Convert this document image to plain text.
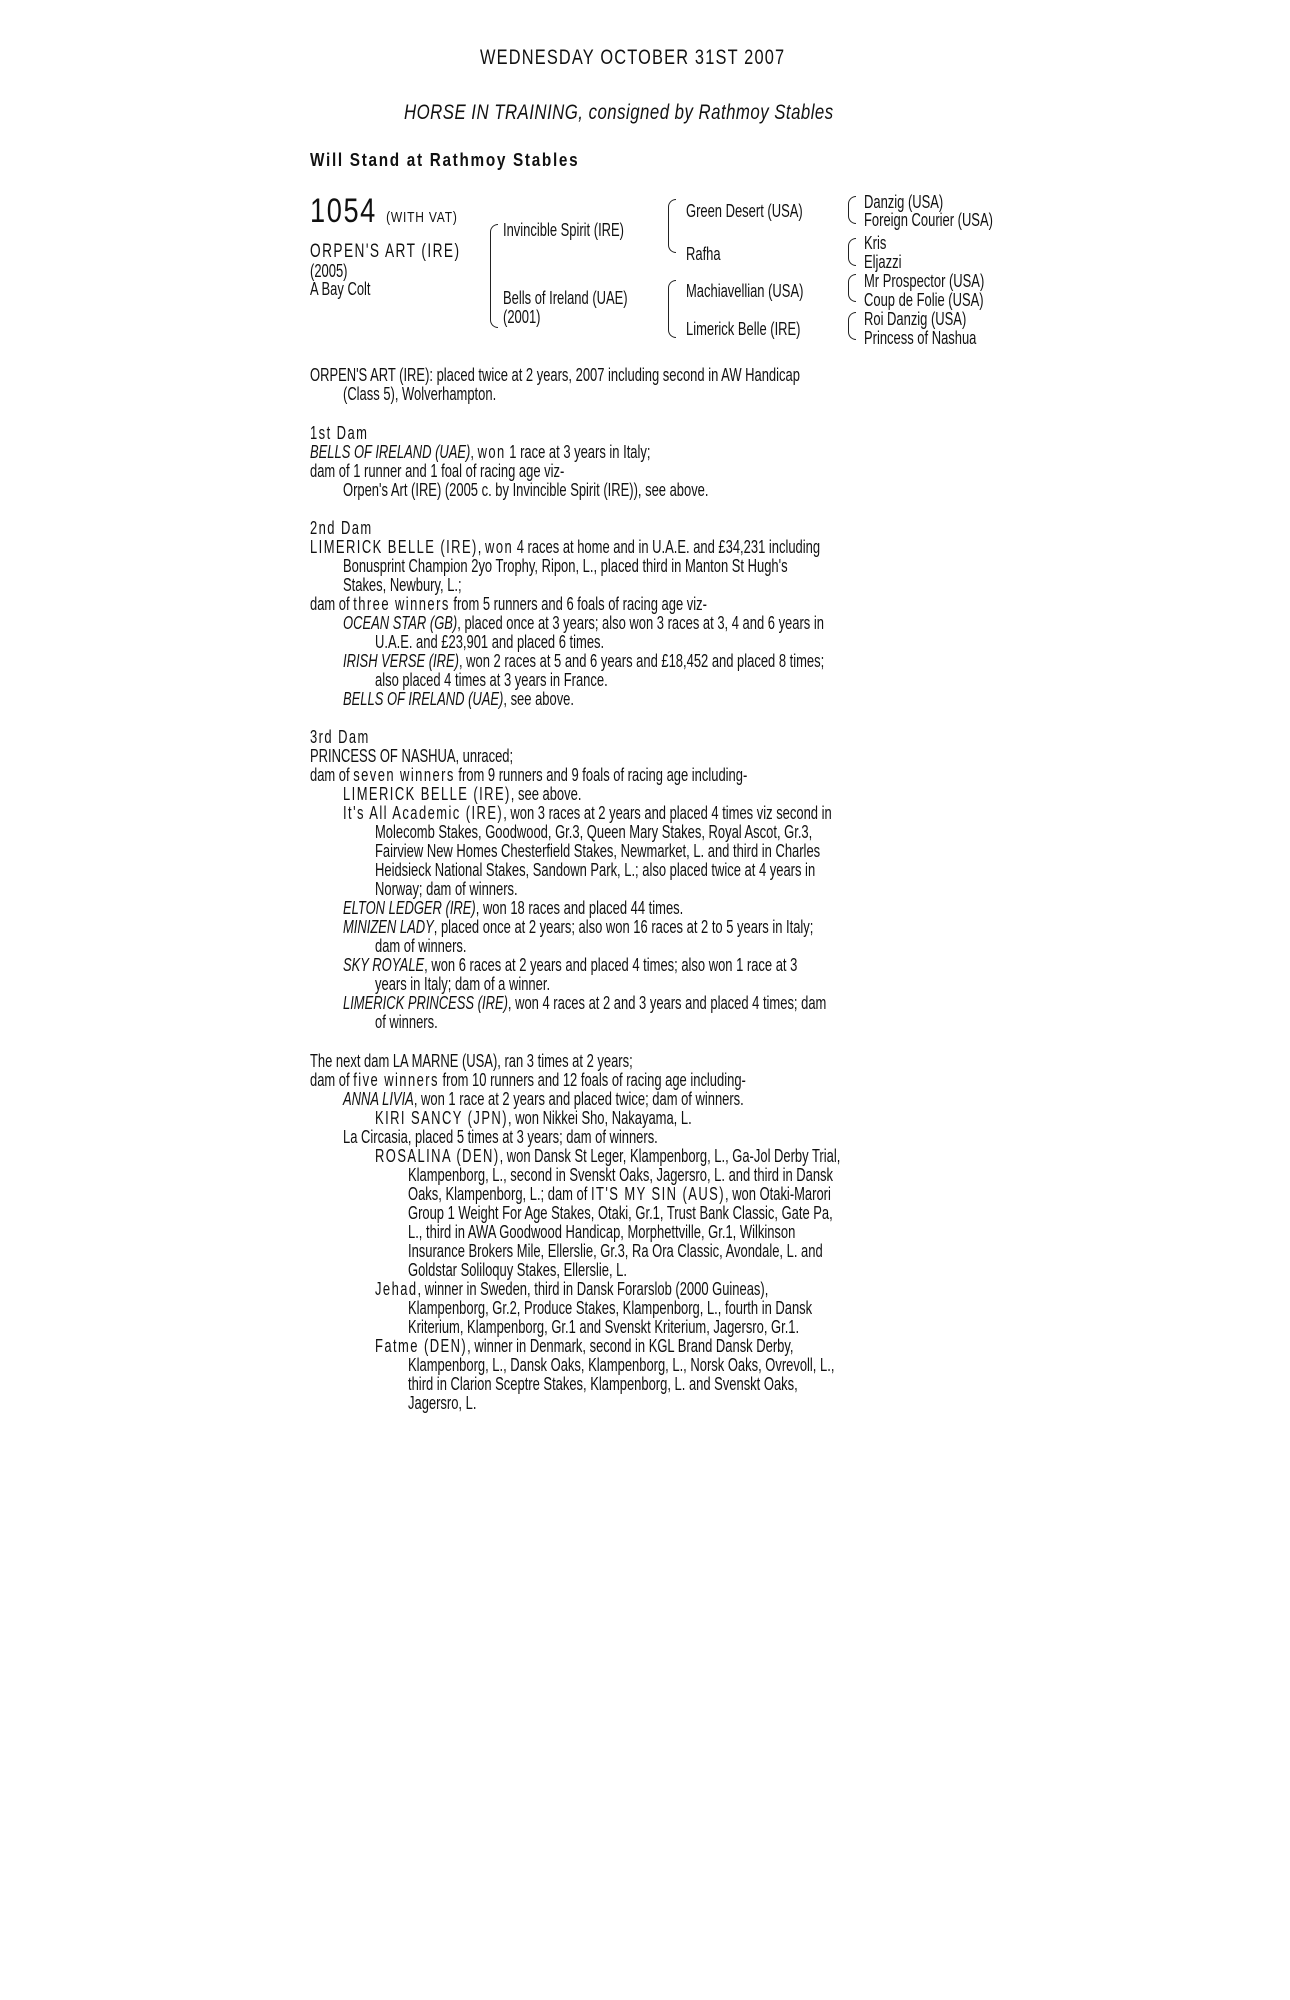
WEDNESDAY OCTOBER 31ST 2007
HORSE IN TRAINING, consigned by Rathmoy Stables
Will Stand at Rathmoy Stables
1054 (WITH VAT)
ORPEN'S ART (IRE)
(2005)
A Bay Colt
Invincible Spirit (IRE)
Bells of Ireland (UAE)
(2001)
Green Desert (USA)
Rafha
Machiavellian (USA)
Limerick Belle (IRE)
Danzig (USA)
Foreign Courier (USA)
Kris
Eljazzi
Mr Prospector (USA)
Coup de Folie (USA)
Roi Danzig (USA)
Princess of Nashua
ORPEN'S ART (IRE): placed twice at 2 years, 2007 including second in AW Handicap
(Class 5), Wolverhampton.
1st Dam
BELLS OF IRELAND (UAE), won 1 race at 3 years in Italy;
dam of 1 runner and 1 foal of racing age viz-
Orpen's Art (IRE) (2005 c. by Invincible Spirit (IRE)), see above.
2nd Dam
LIMERICK BELLE (IRE), won 4 races at home and in U.A.E. and £34,231 including
Bonusprint Champion 2yo Trophy, Ripon, L., placed third in Manton St Hugh's
Stakes, Newbury, L.;
dam of three winners from 5 runners and 6 foals of racing age viz-
OCEAN STAR (GB), placed once at 3 years; also won 3 races at 3, 4 and 6 years in
U.A.E. and £23,901 and placed 6 times.
IRISH VERSE (IRE), won 2 races at 5 and 6 years and £18,452 and placed 8 times;
also placed 4 times at 3 years in France.
BELLS OF IRELAND (UAE), see above.
3rd Dam
PRINCESS OF NASHUA, unraced;
dam of seven winners from 9 runners and 9 foals of racing age including-
LIMERICK BELLE (IRE), see above.
It's All Academic (IRE), won 3 races at 2 years and placed 4 times viz second in
Molecomb Stakes, Goodwood, Gr.3, Queen Mary Stakes, Royal Ascot, Gr.3,
Fairview New Homes Chesterfield Stakes, Newmarket, L. and third in Charles
Heidsieck National Stakes, Sandown Park, L.; also placed twice at 4 years in
Norway; dam of winners.
ELTON LEDGER (IRE), won 18 races and placed 44 times.
MINIZEN LADY, placed once at 2 years; also won 16 races at 2 to 5 years in Italy;
dam of winners.
SKY ROYALE, won 6 races at 2 years and placed 4 times; also won 1 race at 3
years in Italy; dam of a winner.
LIMERICK PRINCESS (IRE), won 4 races at 2 and 3 years and placed 4 times; dam
of winners.
The next dam LA MARNE (USA), ran 3 times at 2 years;
dam of five winners from 10 runners and 12 foals of racing age including-
ANNA LIVIA, won 1 race at 2 years and placed twice; dam of winners.
KIRI SANCY (JPN), won Nikkei Sho, Nakayama, L.
La Circasia, placed 5 times at 3 years; dam of winners.
ROSALINA (DEN), won Dansk St Leger, Klampenborg, L., Ga-Jol Derby Trial,
Klampenborg, L., second in Svenskt Oaks, Jagersro, L. and third in Dansk
Oaks, Klampenborg, L.; dam of IT'S MY SIN (AUS), won Otaki-Marori
Group 1 Weight For Age Stakes, Otaki, Gr.1, Trust Bank Classic, Gate Pa,
L., third in AWA Goodwood Handicap, Morphettville, Gr.1, Wilkinson
Insurance Brokers Mile, Ellerslie, Gr.3, Ra Ora Classic, Avondale, L. and
Goldstar Soliloquy Stakes, Ellerslie, L.
Jehad, winner in Sweden, third in Dansk Forarslob (2000 Guineas),
Klampenborg, Gr.2, Produce Stakes, Klampenborg, L., fourth in Dansk
Kriterium, Klampenborg, Gr.1 and Svenskt Kriterium, Jagersro, Gr.1.
Fatme (DEN), winner in Denmark, second in KGL Brand Dansk Derby,
Klampenborg, L., Dansk Oaks, Klampenborg, L., Norsk Oaks, Ovrevoll, L.,
third in Clarion Sceptre Stakes, Klampenborg, L. and Svenskt Oaks,
Jagersro, L.
